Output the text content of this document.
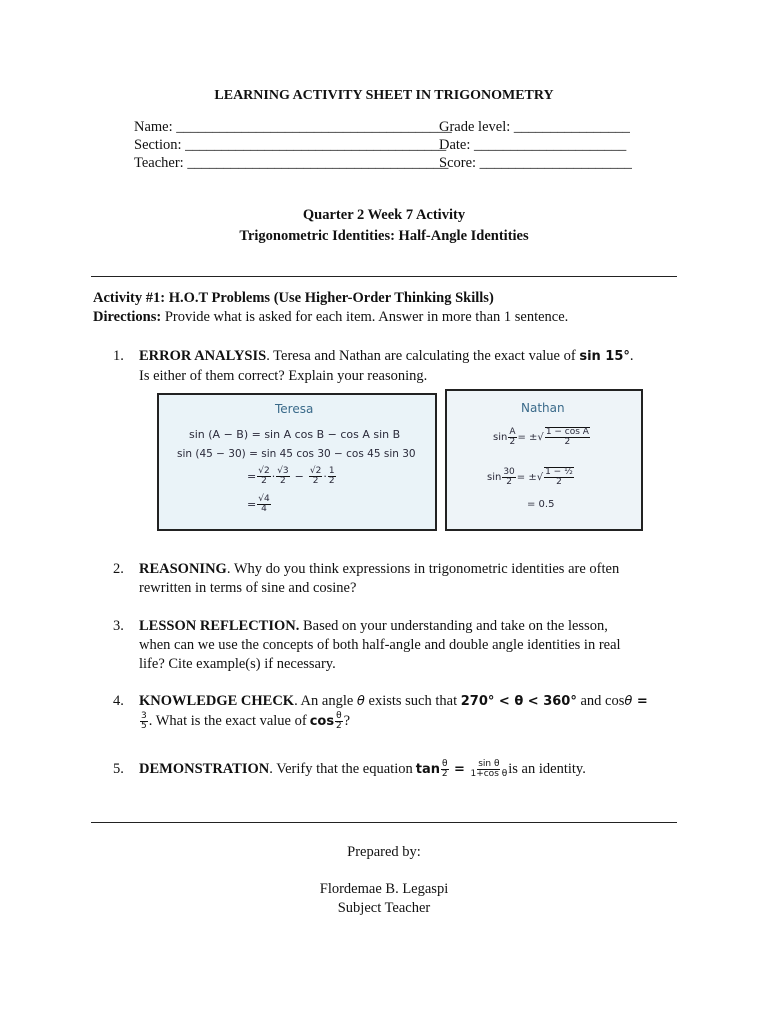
LEARNING ACTIVITY SHEET IN TRIGONOMETRY
Name: ______________________________________
Grade level: ________________
Section: ____________________________________
Date: _____________________
Teacher: ____________________________________
Score: _____________________
Quarter 2 Week 7 Activity
Trigonometric Identities: Half-Angle Identities
Activity #1: H.O.T Problems (Use Higher-Order Thinking Skills)
Directions: Provide what is asked for each item. Answer in more than 1 sentence.
1. ERROR ANALYSIS. Teresa and Nathan are calculating the exact value of sin 15°.
Is either of them correct? Explain your reasoning.
Teresa
sin (A − B) = sin A cos B − cos A sin B
sin (45 − 30) = sin 45 cos 30 − cos 45 sin 30
= $\frac{√2}{2} \cdot \frac{√3}{2} - \frac{√2}{2} \cdot \frac{1}{2}$
= $\frac{√4}{4}$
Nathan
$\sin \frac{A}{2}$ = ±√ $\frac{\text{1 − cos A}}{2}$
$\sin \frac{30}{2}$ = ±√ $\frac{\text{1 − ½}}{2}$
= 0.5
2. REASONING. Why do you think expressions in trigonometric identities are often
rewritten in terms of sine and cosine?
3. LESSON REFLECTION. Based on your understanding and take on the lesson,
when can we use the concepts of both half-angle and double angle identities in real
life? Cite example(s) if necessary.
4. KNOWLEDGE CHECK. An angle θ exists such that 270° < θ < 360° and cosθ =
$\frac{3}{5}$ . What is the exact value of $\cos \frac{\theta}{2}$ ?
5. DEMONSTRATION . Verify that the equation $\tan \frac{\theta}{2} = \frac{\text{sin θ}}{\text{1+cos θ}}$ is an identity.
Prepared by:
Flordemae B. Legaspi
Subject Teacher
